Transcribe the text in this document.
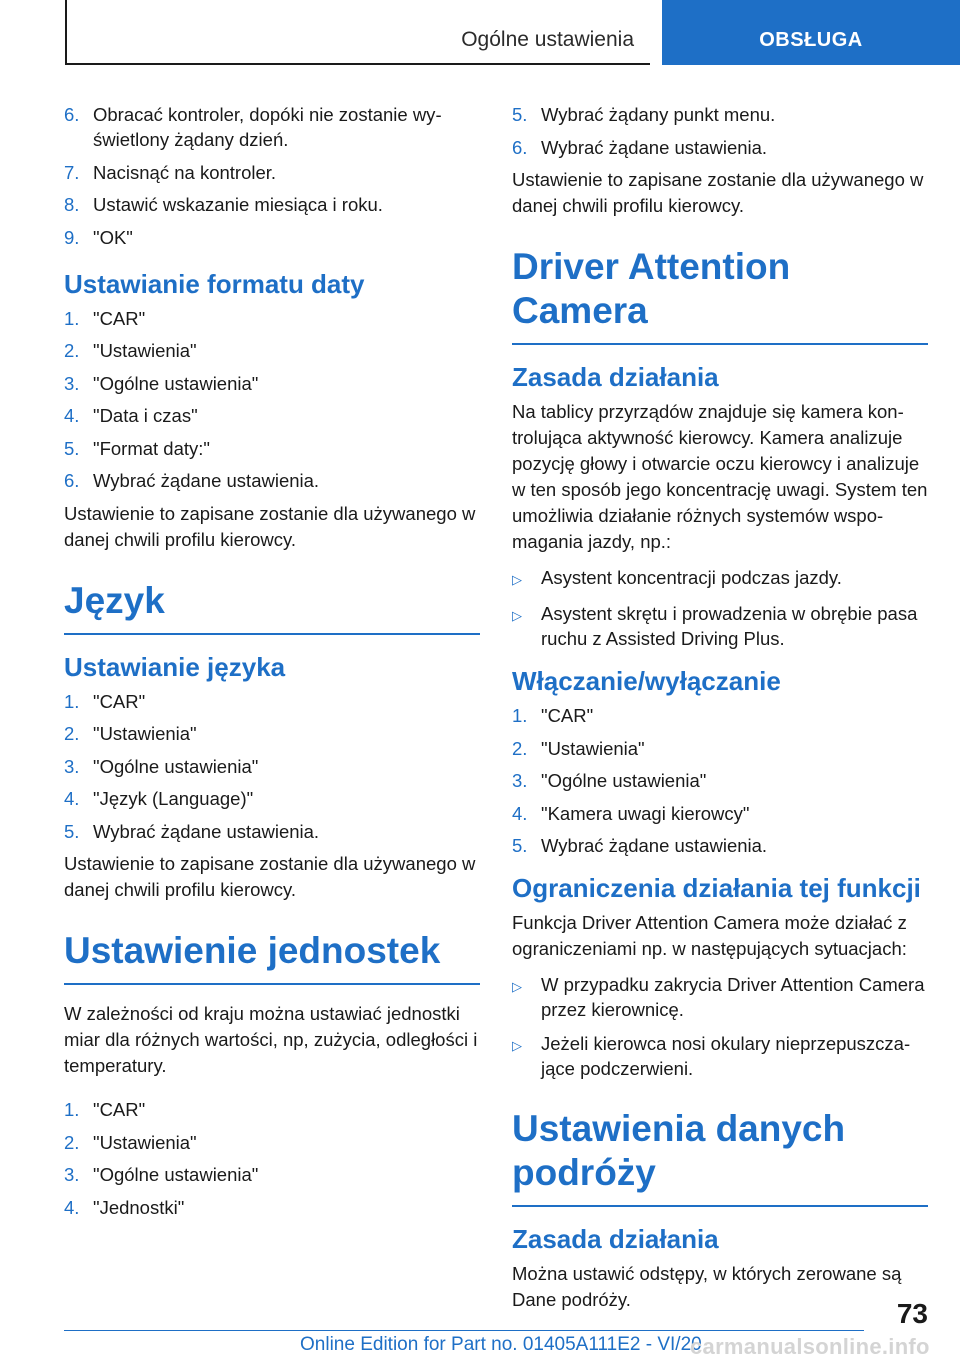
Ogólne ustawienia	OBSŁUGA
6. Obracać kontroler, dopóki nie zostanie wyświetlony żądany dzień.
7. Nacisnąć na kontroler.
8. Ustawić wskazanie miesiąca i roku.
9. "OK"
Ustawianie formatu daty
1. "CAR"
2. "Ustawienia"
3. "Ogólne ustawienia"
4. "Data i czas"
5. "Format daty:"
6. Wybrać żądane ustawienia.

Ustawienie to zapisane zostanie dla używanego w danej chwili profilu kierowcy.

Język
Ustawianie języka
1. "CAR"
2. "Ustawienia"
3. "Ogólne ustawienia"
4. "Język (Language)"
5. Wybrać żądane ustawienia.

Ustawienie to zapisane zostanie dla używanego w danej chwili profilu kierowcy.

Ustawienie jednostek

W zależności od kraju można ustawiać jednostki miar dla różnych wartości, np, zużycia, odległości i temperatury.

1. "CAR"
2. "Ustawienia"
3. "Ogólne ustawienia"
4. "Jednostki"
5. Wybrać żądany punkt menu.
6. Wybrać żądane ustawienia.

Ustawienie to zapisane zostanie dla używanego w danej chwili profilu kierowcy.

Driver Attention Camera
Zasada działania

Na tablicy przyrządów znajduje się kamera kontrolująca aktywność kierowcy. Kamera analizuje pozycję głowy i otwarcie oczu kierowcy i analizuje w ten sposób jego koncentrację uwagi. System ten umożliwia działanie różnych systemów wspomagania jazdy, np.:

▷	Asystent koncentracji podczas jazdy.
▷	Asystent skrętu i prowadzenia w obrębie pasa ruchu z Assisted Driving Plus.
Włączanie/wyłączanie
1. "CAR"
2. "Ustawienia"
3. "Ogólne ustawienia"
4. "Kamera uwagi kierowcy"
5. Wybrać żądane ustawienia.
Ograniczenia działania tej funkcji

Funkcja Driver Attention Camera może działać z ograniczeniami np. w następujących sytuacjach:

▷	W przypadku zakrycia Driver Attention Camera przez kierownicę.
▷	Jeżeli kierowca nosi okulary nieprzepuszczające podczerwieni.
Ustawienia danych podróży
Zasada działania

Można ustawić odstępy, w których zerowane są Dane podróży.	73
Online Edition for Part no. 01405A111E2 - VI/20
carmanualsonline.info
